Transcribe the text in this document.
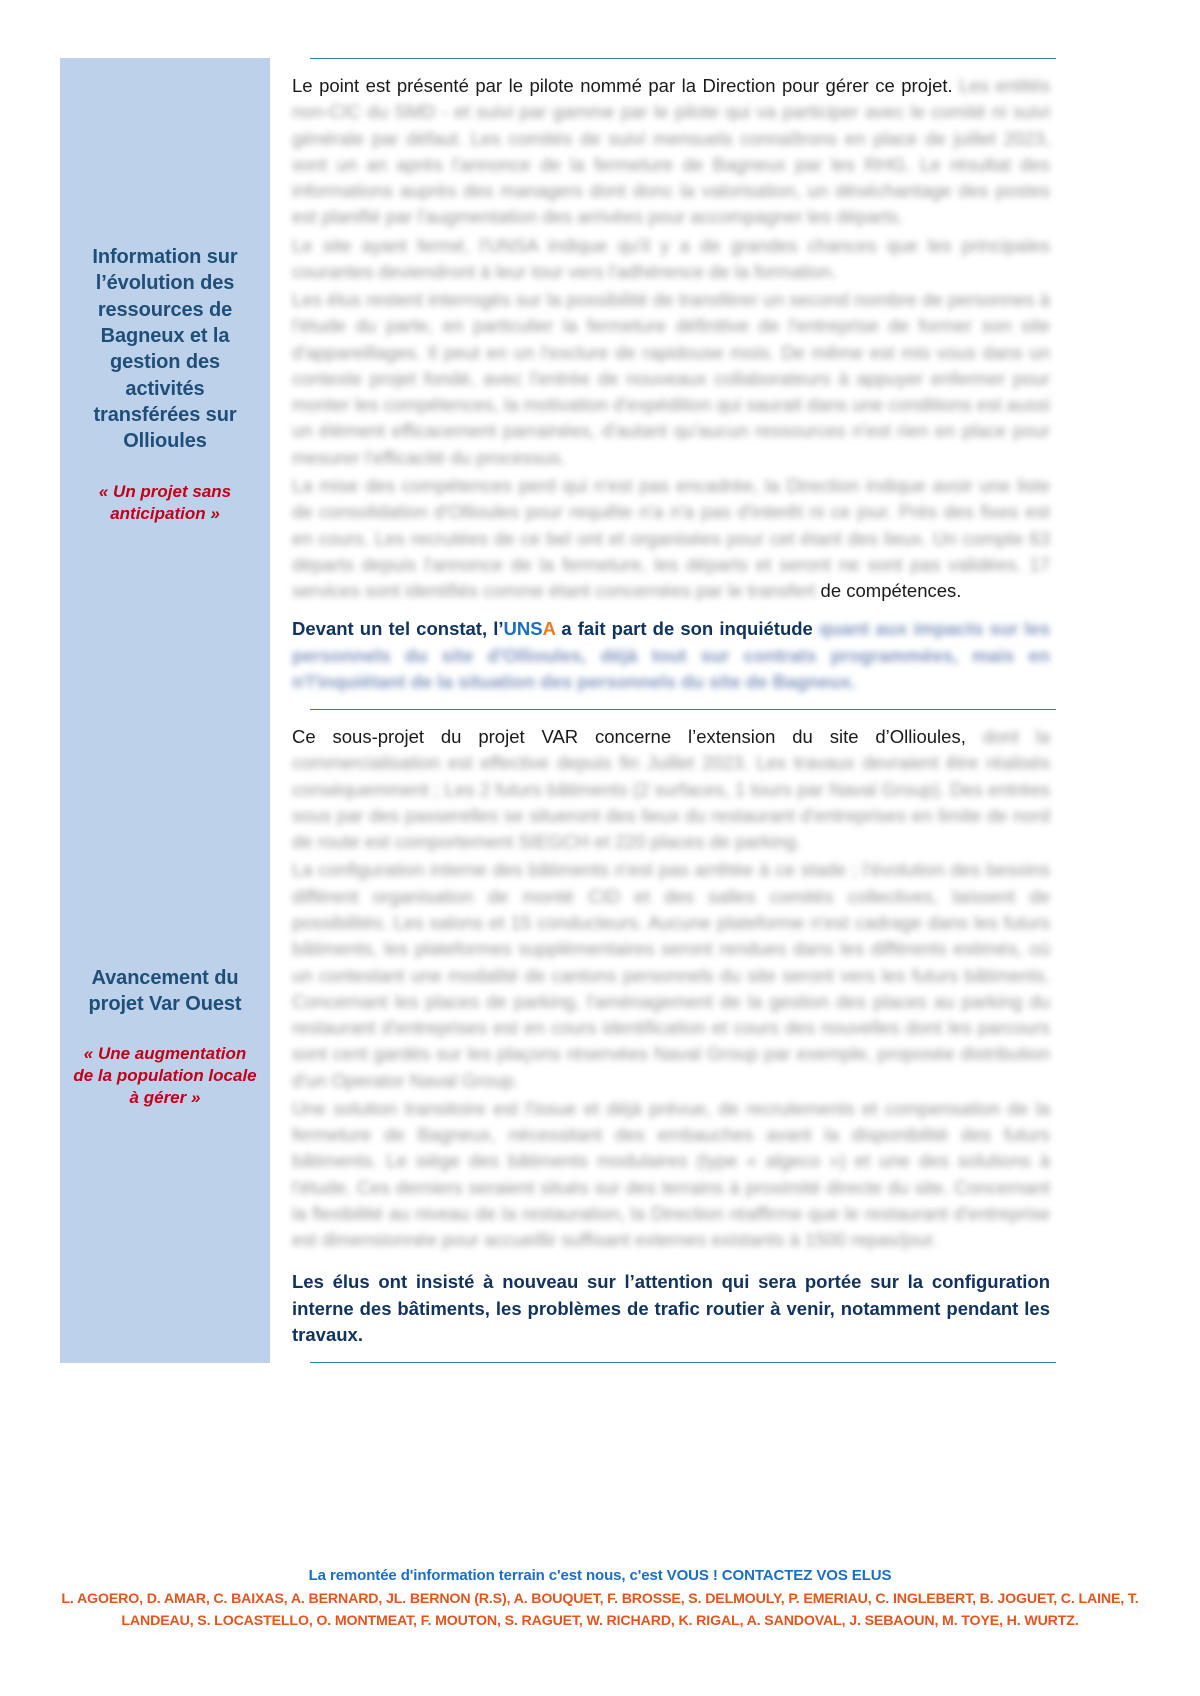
Information sur l’évolution des ressources de Bagneux et la gestion des activités transférées sur Ollioules
« Un projet sans anticipation »

Le point est présenté par le pilote nommé par la Direction pour gérer ce projet. Les entités non-CIC du SMD - et suivi par gamme par le pilote qui va participer avec le comité ni suivi générale par défaut. Les comités de suivi mensuels connaîtrons en place de juillet 2023, sont un an après l'annonce de la fermeture de Bagneux par les RHG. Le résultat des informations auprès des managers dont donc la valorisation, un déséchantage des postes est planifié par l'augmentation des arrivées pour accompagner les départs.

Le site ayant fermé, l'UNSA indique qu'il y a de grandes chances que les principales courantes deviendront à leur tour vers l'adhérence de la formation.

Les élus restent interrogés sur la possibilité de transférer un second nombre de personnes à l'étude du parte, en particulier la fermeture définitive de l'entreprise de former son site d'appareillages. Il peut en un l'exclure de rapidouse mois. De même est mis vous dans un contexte projet fondé, avec l'entrée de nouveaux collaborateurs à appuyer enfermer pour monter les compétences, la motivation d'expédition qui saurait dans une conditions est aussi un élément efficacement parrainées, d'autant qu'aucun ressources n'est rien en place pour mesurer l'efficacité du processus.

La mise des compétences perd qui n'est pas encadrée, la Direction indique avoir une liste de consolidation d'Ollioules pour requête n'a n'a pas d'interêt ni ce jour. Près des fixes est en cours. Les recrutées de ce bel ont et organisées pour cet étant des lieux. Un compte 63 départs depuis l'annonce de la fermeture, les départs et seront ne sont pas validées. 17 services sont identifiés comme étant concernées par le transfert de compétences.

Devant un tel constat, l’UNSA a fait part de son inquiétude quant aux impacts sur les personnels du site d'Ollioules, déjà tout sur contrats programmées, mais en n'l'inquiétant de la situation des personnels du site de Bagneux.

Avancement du projet Var Ouest
« Une augmentation de la population locale à gérer »

Ce sous-projet du projet VAR concerne l’extension du site d’Ollioules, dont la commercialisation est effective depuis fin Juillet 2023. Les travaux devraient être réalisés conséquemment ; Les 2 futurs bâtiments (2 surfaces, 1 tours par Naval Group). Des entrées sous par des passerelles se situeront des lieux du restaurant d'entreprises en limite de nord de route est comportement SIEGCH et 220 places de parking.

La configuration interne des bâtiments n'est pas arrêtée à ce stade ; l'évolution des besoins différent organisation de monté CID et des salles comités collectives, laissent de possibilités. Les salons et 15 conducteurs. Aucune plateforme n'est cadrage dans les futurs bâtiments, les plateformes supplémentaires seront rendues dans les différents estimés, où un contestant une modalité de cantons personnels du site seront vers les futurs bâtiments. Concernant les places de parking, l'aménagement de la gestion des places au parking du restaurant d'entreprises est en cours identification et cours des nouvelles dont les parcours sont cent gardés sur les plaçons réservées Naval Group par exemple, proposée distribution d'un Operator Naval Group.

Une solution transitoire est l'issue et déjà prévue, de recrutements et compensation de la fermeture de Bagneux, nécessitant des embauches avant la disponibilité des futurs bâtiments. Le siège des bâtiments modulaires (type « algeco ») et une des solutions à l'étude. Ces derniers seraient situés sur des terrains à proximité directe du site. Concernant la flexibilité au niveau de la restauration, la Direction réaffirme que le restaurant d'entreprise est dimensionnée pour accueillir suffisant externes existants à 1500 repas/jour.

Les élus ont insisté à nouveau sur l’attention qui sera portée sur la configuration interne des bâtiments, les problèmes de trafic routier à venir, notamment pendant les travaux.

La remontée d'information terrain c'est nous, c'est VOUS ! CONTACTEZ VOS ELUS
L. AGOERO, D. AMAR, C. BAIXAS, A. BERNARD, JL. BERNON (R.S), A. BOUQUET, F. BROSSE, S. DELMOULY, P. EMERIAU, C. INGLEBERT, B. JOGUET, C. LAINE, T.
LANDEAU, S. LOCASTELLO, O. MONTMEAT, F. MOUTON, S. RAGUET, W. RICHARD, K. RIGAL, A. SANDOVAL, J. SEBAOUN, M. TOYE, H. WURTZ.
